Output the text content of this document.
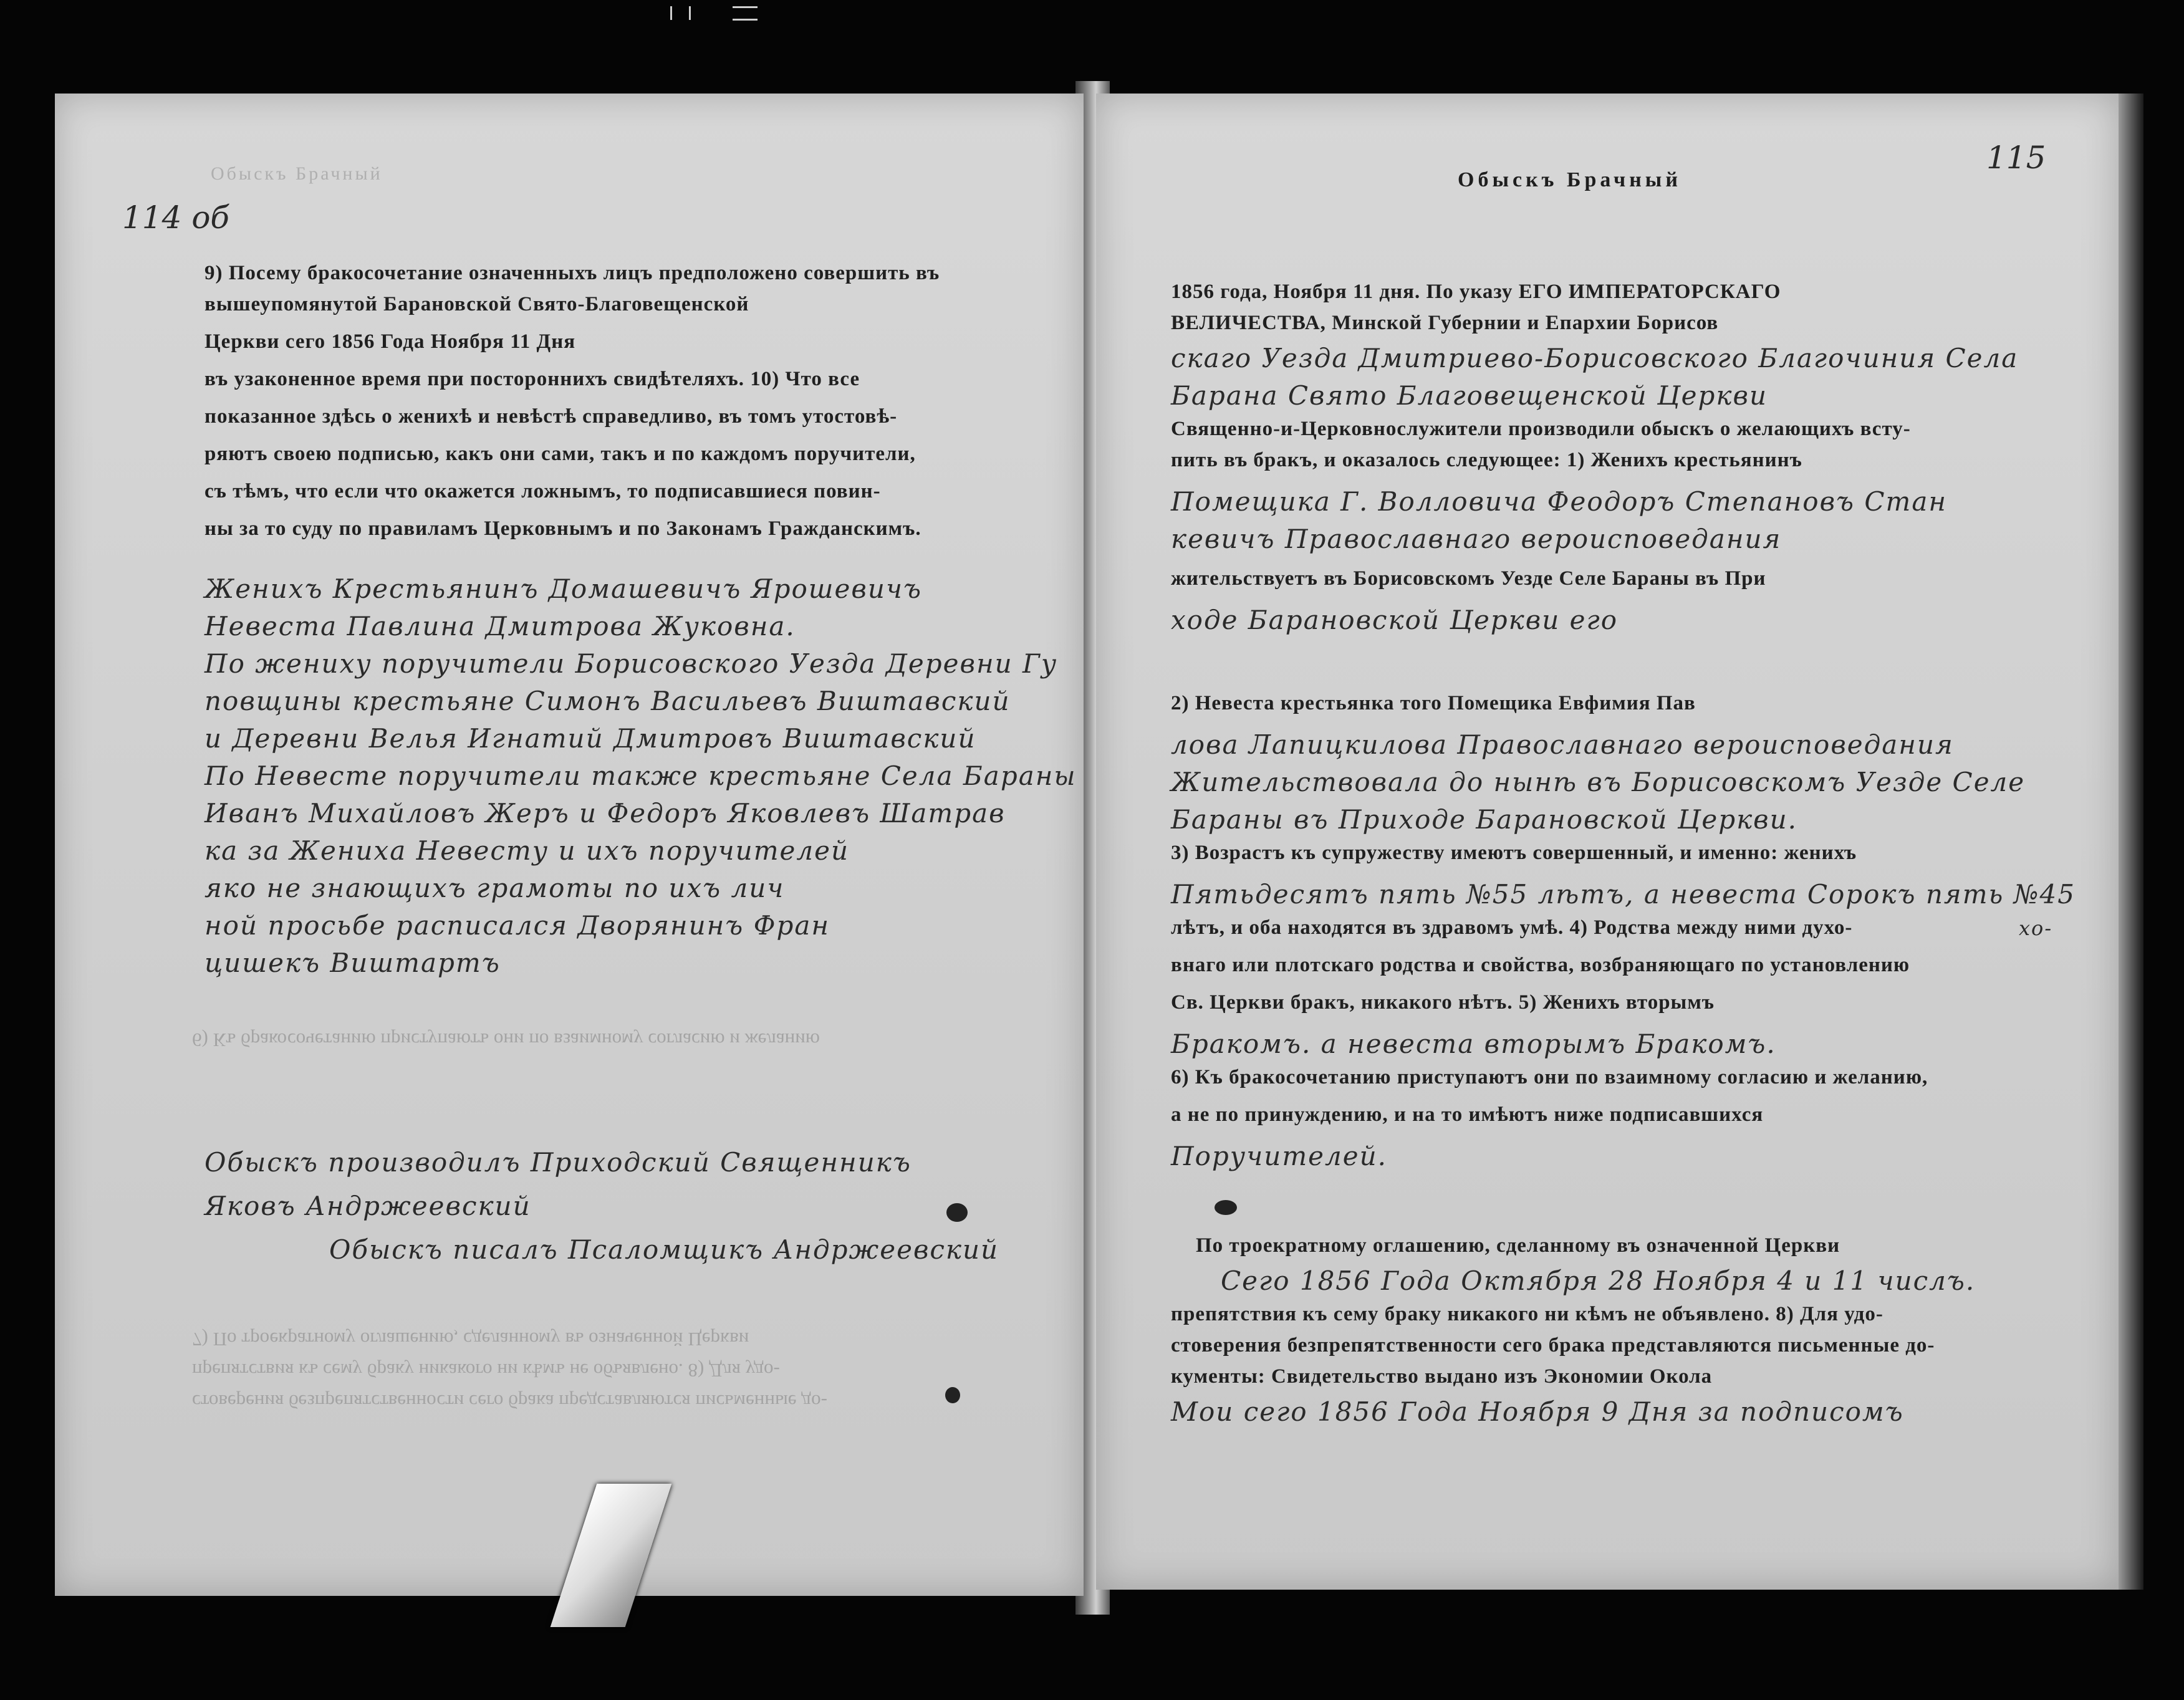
Обыскъ Брачный
114 об
9) Посему бракосочетание означенныхъ лицъ предположено совершить въ
вышеупомянутой Барановской Свято-Благовещенской
Церкви сего 1856 Года Ноября 11 Дня
въ узаконенное время при постороннихъ свидѣтеляхъ. 10) Что все
показанное здѣсь о женихѣ и невѣстѣ справедливо, въ томъ утостовѣ-
ряютъ своею подписью, какъ они сами, такъ и по каждомъ поручители,
съ тѣмъ, что если что окажется ложнымъ, то подписавшиеся повин-
ны за то суду по правиламъ Церковнымъ и по Законамъ Гражданскимъ.
Женихъ Крестьянинъ Домашевичъ Ярошевичъ
Невеста Павлина Дмитрова Жуковна.
По жениху поручители Борисовского Уезда Деревни Гу
повщины крестьяне Симонъ Васильевъ Виштавский
и Деревни Велья Игнатий Дмитровъ Виштавский
По Невесте поручители также крестьяне Села Бараны
Иванъ Михайловъ Жеръ и Федоръ Яковлевъ Шатрав
ка за Жениха Невесту и ихъ поручителей
яко не знающихъ грамоты по ихъ лич
ной просьбе расписался Дворянинъ Фран
цишекъ Виштартъ
Обыскъ производилъ Приходский Священникъ
Яковъ Андржеевский
Обыскъ писалъ Псаломщикъ Андржеевский
6) Къ бракосочетанию приступаютъ они по взаимному согласию и желанию
7) По троекратному оглашению, сделанному въ означенной Церкви
препятствия къ сему браку никакого ни кѣмъ не объявлено. 8) Для удо-
стоверения безпрепятственности сего брака представляются письменные до-
Обыскъ Брачный
115
1856 года, Ноября 11 дня. По указу ЕГО ИМПЕРАТОРСКАГО
ВЕЛИЧЕСТВА, Минской Губернии и Епархии Борисов
скаго Уезда Дмитриево-Борисовского Благочиния Села
Барана Свято Благовещенской Церкви
Священно-и-Церковнослужители производили обыскъ о желающихъ всту-
пить въ бракъ, и оказалось следующее: 1) Женихъ крестьянинъ
Помещика Г. Волловича Феодоръ Степановъ Стан
кевичъ Православнаго вероисповедания
жительствуетъ въ Борисовскомъ Уезде Селе Бараны въ При
ходе Барановской Церкви его
2) Невеста крестьянка того Помещика Евфимия Пав
лова Лапицкилова Православнаго вероисповедания
Жительствовала до нынѣ въ Борисовскомъ Уезде Селе
Бараны въ Приходе Барановской Церкви.
3) Возрастъ къ супружеству имеютъ совершенный, и именно: женихъ
Пятьдесятъ пять №55 лѣтъ, а невеста Сорокъ пять №45
лѣтъ, и оба находятся въ здравомъ умѣ. 4) Родства между ними духо-
внаго или плотскаго родства и свойства, возбраняющаго по установлению
Св. Церкви бракъ, никакого нѣтъ. 5) Женихъ вторымъ
Бракомъ. а невеста вторымъ Бракомъ.
6) Къ бракосочетанию приступаютъ они по взаимному согласию и желанию,
а не по принуждению, и на то имѣютъ ниже подписавшихся
Поручителей.
По троекратному оглашению, сделанному въ означенной Церкви
Сего 1856 Года Октября 28 Ноября 4 и 11 числъ.
препятствия къ сему браку никакого ни кѣмъ не объявлено. 8) Для удо-
стоверения безпрепятственности сего брака представляются письменные до-
кументы: Свидетельство выдано изъ Экономии Окола
Мои сего 1856 Года Ноября 9 Дня за подписомъ
хо-
